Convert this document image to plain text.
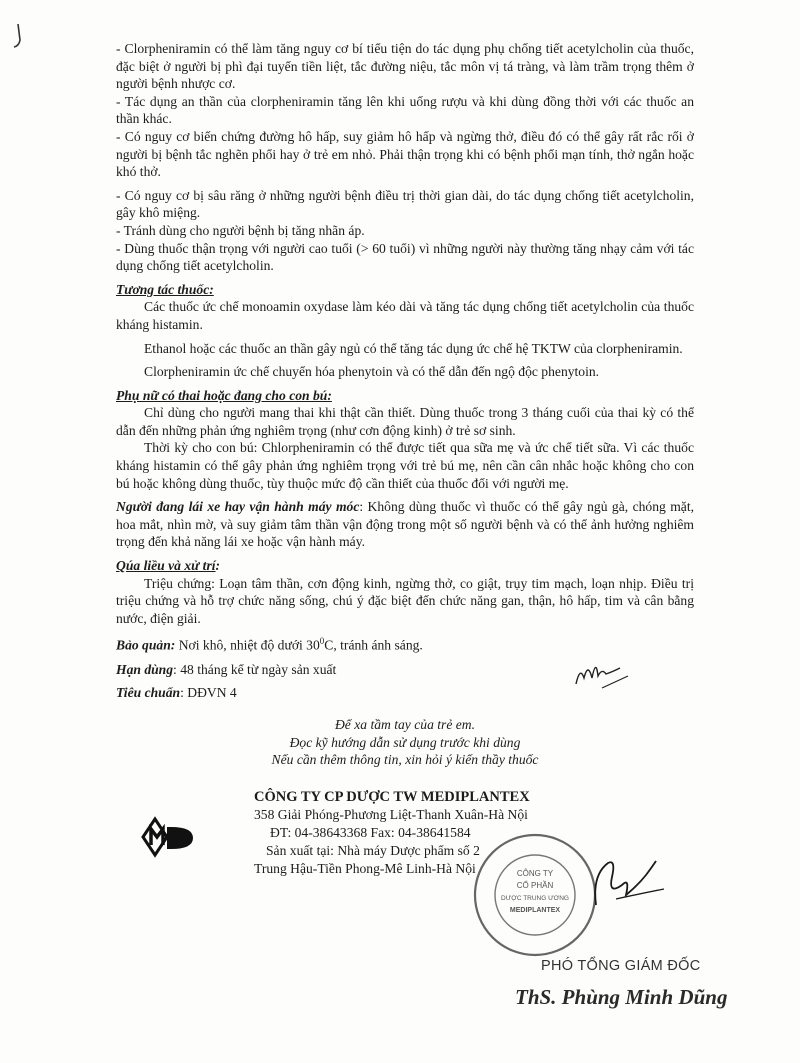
- Clorpheniramin có thể làm tăng nguy cơ bí tiểu tiện do tác dụng phụ chống tiết acetylcholin của thuốc, đặc biệt ở người bị phì đại tuyến tiền liệt, tắc đường niệu, tắc môn vị tá tràng, và làm trầm trọng thêm ở người bệnh nhược cơ.

- Tác dụng an thần của clorpheniramin tăng lên khi uống rượu và khi dùng đồng thời với các thuốc an thần khác.

- Có nguy cơ biến chứng đường hô hấp, suy giảm hô hấp và ngừng thở, điều đó có thể gây rất rắc rối ở người bị bệnh tắc nghẽn phổi hay ở trẻ em nhỏ. Phải thận trọng khi có bệnh phổi mạn tính, thở ngắn hoặc khó thở.

- Có nguy cơ bị sâu răng ở những người bệnh điều trị thời gian dài, do tác dụng chống tiết acetylcholin, gây khô miệng.

- Tránh dùng cho người bệnh bị tăng nhãn áp.

- Dùng thuốc thận trọng với người cao tuổi (> 60 tuổi) vì những người này thường tăng nhạy cảm với tác dụng chống tiết acetylcholin.

Tương tác thuốc:

Các thuốc ức chế monoamin oxydase làm kéo dài và tăng tác dụng chống tiết acetylcholin của thuốc kháng histamin.

Ethanol hoặc các thuốc an thần gây ngủ có thể tăng tác dụng ức chế hệ TKTW của clorpheniramin.

Clorpheniramin ức chế chuyển hóa phenytoin và có thể dẫn đến ngộ độc phenytoin.

Phụ nữ có thai hoặc đang cho con bú:

Chỉ dùng cho người mang thai khi thật cần thiết. Dùng thuốc trong 3 tháng cuối của thai kỳ có thể dẫn đến những phản ứng nghiêm trọng (như cơn động kinh) ở trẻ sơ sinh.

Thời kỳ cho con bú: Chlorpheniramin có thể được tiết qua sữa mẹ và ức chế tiết sữa. Vì các thuốc kháng histamin có thể gây phản ứng nghiêm trọng với trẻ bú mẹ, nên cần cân nhắc hoặc không cho con bú hoặc không dùng thuốc, tùy thuộc mức độ cần thiết của thuốc đối với người mẹ.

Người đang lái xe hay vận hành máy móc: Không dùng thuốc vì thuốc có thể gây ngủ gà, chóng mặt, hoa mắt, nhìn mờ, và suy giảm tâm thần vận động trong một số người bệnh và có thể ảnh hưởng nghiêm trọng đến khả năng lái xe hoặc vận hành máy.

Qúa liều và xử trí:

Triệu chứng: Loạn tâm thần, cơn động kinh, ngừng thở, co giật, trụy tim mạch, loạn nhịp. Điều trị triệu chứng và hỗ trợ chức năng sống, chú ý đặc biệt đến chức năng gan, thận, hô hấp, tim và cân bằng nước, điện giải.

Bảo quản: Nơi khô, nhiệt độ dưới $30^0C$, tránh ánh sáng.

Hạn dùng: 48 tháng kể từ ngày sản xuất

Tiêu chuẩn: DĐVN 4

Để xa tầm tay của trẻ em.
Đọc kỹ hướng dẫn sử dụng trước khi dùng
Nếu cần thêm thông tin, xin hỏi ý kiến thầy thuốc
CÔNG TY CP DƯỢC TW MEDIPLANTEX
358 Giải Phóng-Phương Liệt-Thanh Xuân-Hà Nội
ĐT: 04-38643368 Fax: 04-38641584
Sản xuất tại: Nhà máy Dược phẩm số 2
Trung Hậu-Tiền Phong-Mê Linh-Hà Nội	CÔNG TY
CỔ PHẦN
DƯỢC TRUNG ƯƠNG
MEDIPLANTEX
PHÓ TỔNG GIÁM ĐỐC
ThS. Phùng Minh Dũng
